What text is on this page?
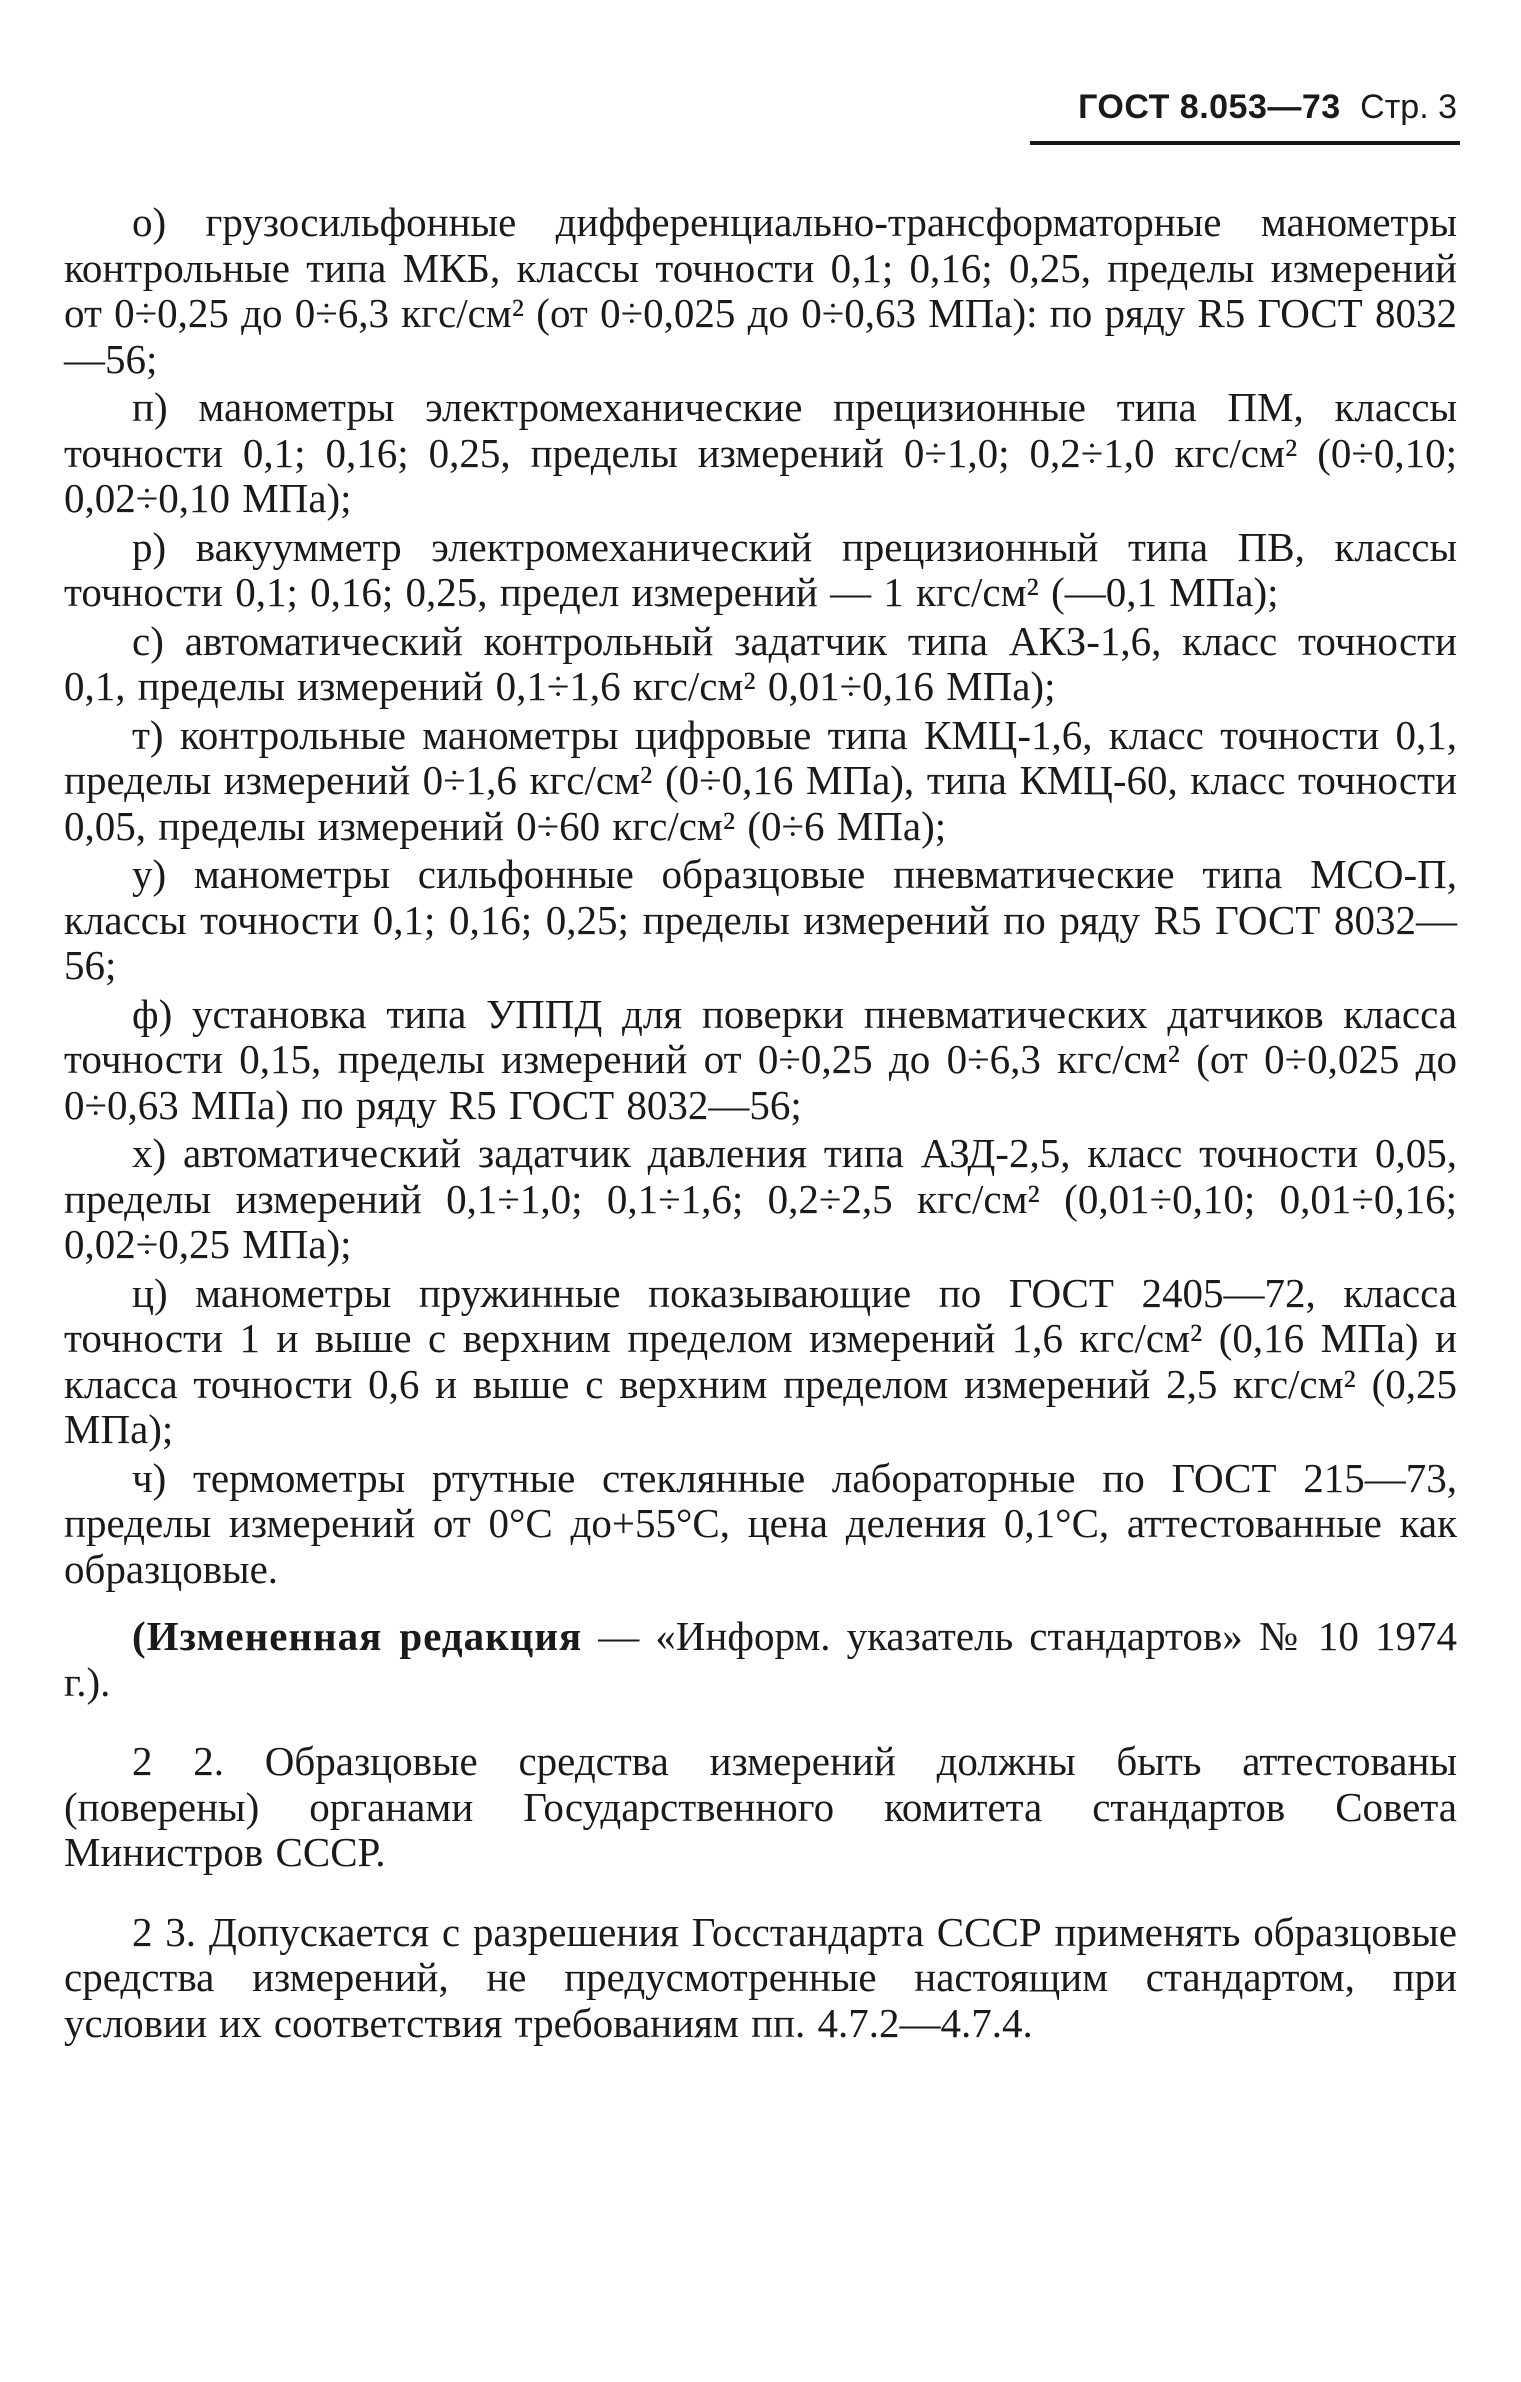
ГОСТ 8.053—73 Стр. 3

о) грузосильфонные дифференциально-трансформаторные манометры контрольные типа МКБ, классы точности 0,1; 0,16; 0,25, пределы измерений от 0÷0,25 до 0÷6,3 кгс/см² (от 0÷0,025 до 0÷0,63 МПа): по ряду R5 ГОСТ 8032—56;

п) манометры электромеханические прецизионные типа ПМ, классы точности 0,1; 0,16; 0,25, пределы измерений 0÷1,0; 0,2÷1,0 кгс/см² (0÷0,10; 0,02÷0,10 МПа);

р) вакуумметр электромеханический прецизионный типа ПВ, классы точности 0,1; 0,16; 0,25, предел измерений — 1 кгс/см² (—0,1 МПа);

с) автоматический контрольный задатчик типа АКЗ-1,6, класс точности 0,1, пределы измерений 0,1÷1,6 кгс/см² 0,01÷0,16 МПа);

т) контрольные манометры цифровые типа КМЦ-1,6, класс точности 0,1, пределы измерений 0÷1,6 кгс/см² (0÷0,16 МПа), типа КМЦ-60, класс точности 0,05, пределы измерений 0÷60 кгс/см² (0÷6 МПа);

у) манометры сильфонные образцовые пневматические типа МСО-П, классы точности 0,1; 0,16; 0,25; пределы измерений по ряду R5 ГОСТ 8032—56;

ф) установка типа УППД для поверки пневматических датчиков класса точности 0,15, пределы измерений от 0÷0,25 до 0÷6,3 кгс/см² (от 0÷0,025 до 0÷0,63 МПа) по ряду R5 ГОСТ 8032—56;

х) автоматический задатчик давления типа АЗД-2,5, класс точности 0,05, пределы измерений 0,1÷1,0; 0,1÷1,6; 0,2÷2,5 кгс/см² (0,01÷0,10; 0,01÷0,16; 0,02÷0,25 МПа);

ц) манометры пружинные показывающие по ГОСТ 2405—72, класса точности 1 и выше с верхним пределом измерений 1,6 кгс/см² (0,16 МПа) и класса точности 0,6 и выше с верхним пределом измерений 2,5 кгс/см² (0,25 МПа);

ч) термометры ртутные стеклянные лабораторные по ГОСТ 215—73, пределы измерений от 0°С до+55°С, цена деления 0,1°С, аттестованные как образцовые.

(Измененная редакция — «Информ. указатель стандартов» № 10 1974 г.).

2 2. Образцовые средства измерений должны быть аттестованы (поверены) органами Государственного комитета стандартов Совета Министров СССР.

2 3. Допускается с разрешения Госстандарта СССР применять образцовые средства измерений, не предусмотренные настоящим стандартом, при условии их соответствия требованиям пп. 4.7.2—4.7.4.
